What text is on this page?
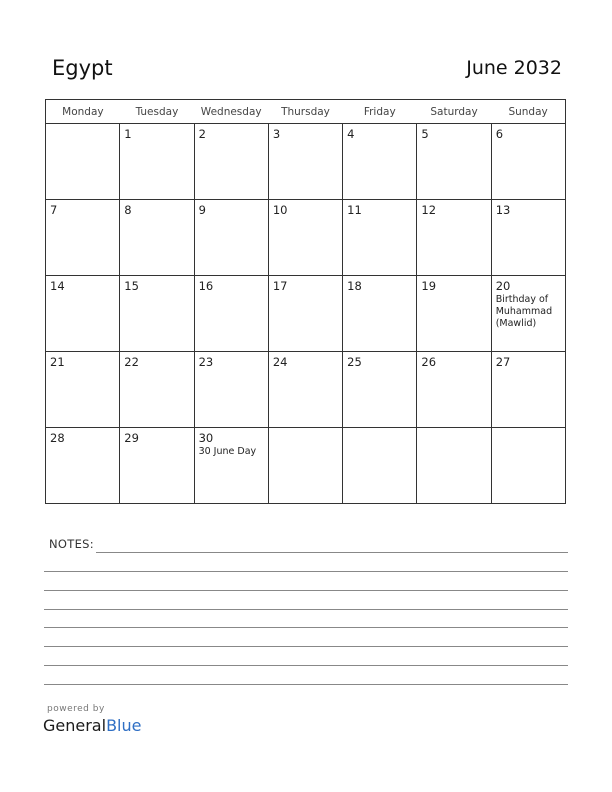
Egypt	June 2032
Monday	Tuesday	Wednesday	Thursday	Friday	Saturday	Sunday

	1	2	3	4	5	6

7	8	9	10	11	12	13

14	15	16	17	18	19	20
Birthday of Muhammad (Mawlid)

21	22	23	24	25	26	27

28	29	30
30 June Day				

NOTES:
powered by
GeneralBlue
